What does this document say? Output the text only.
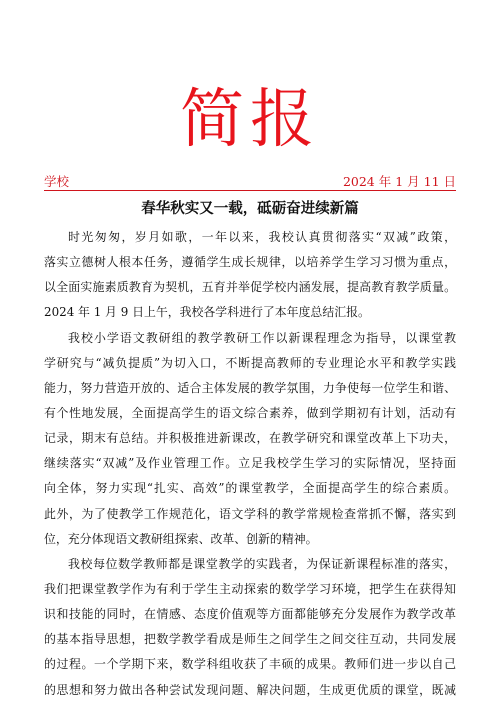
简报
学校	2024 年 1 月 11 日
春华秋实又一载，砥砺奋进续新篇
时光匆匆，岁月如歌，一年以来，我校认真贯彻落实“双减”政策，
落实立德树人根本任务，遵循学生成长规律，以培养学生学习习惯为重点，
以全面实施素质教育为契机，五育并举促学校内涵发展，提高教育教学质量。
2024 年 1 月 9 日上午，我校各学科进行了本年度总结汇报。
我校小学语文教研组的教学教研工作以新课程理念为指导，以课堂教
学研究与“减负提质”为切入口，不断提高教师的专业理论水平和教学实践
能力，努力营造开放的、适合主体发展的教学氛围，力争使每一位学生和谐、
有个性地发展，全面提高学生的语文综合素养，做到学期初有计划，活动有
记录，期末有总结。并积极推进新课改，在教学研究和课堂改革上下功夫，
继续落实“双减”及作业管理工作。立足我校学生学习的实际情况，坚持面
向全体，努力实现“扎实、高效”的课堂教学，全面提高学生的综合素质。
此外，为了使教学工作规范化，语文学科的教学常规检查常抓不懈，落实到
位，充分体现语文教研组探索、改革、创新的精神。
我校每位数学教师都是课堂教学的实践者，为保证新课程标准的落实，
我们把课堂教学作为有利于学生主动探索的数学学习环境，把学生在获得知
识和技能的同时，在情感、态度价值观等方面都能够充分发展作为教学改革
的基本指导思想，把数学教学看成是师生之间学生之间交往互动，共同发展
的过程。一个学期下来，数学科组收获了丰硕的成果。教师们进一步以自己
的思想和努力做出各种尝试发现问题、解决问题，生成更优质的课堂，既减
